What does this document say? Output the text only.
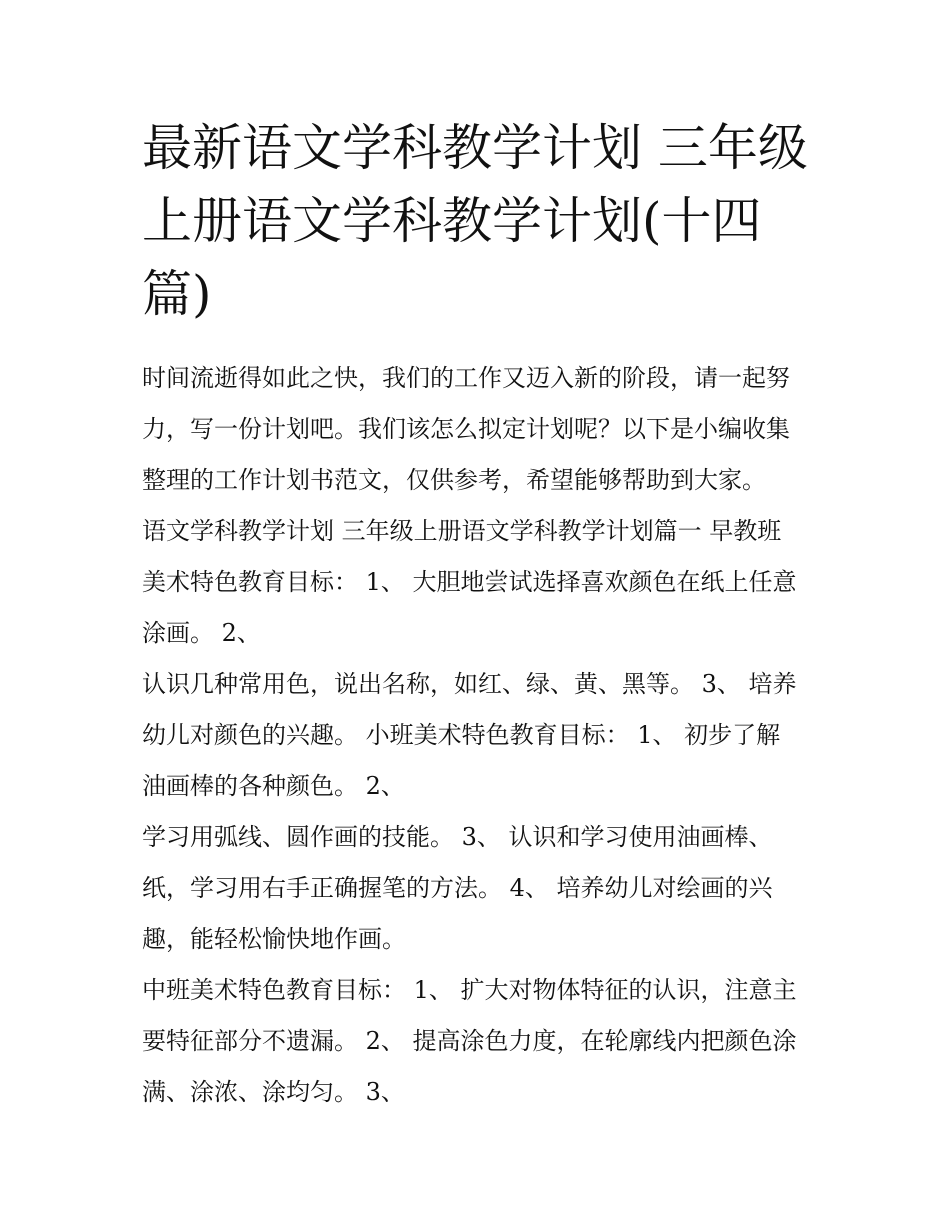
最新语文学科教学计划 三年级
上册语文学科教学计划(十四
篇)
时间流逝得如此之快，我们的工作又迈入新的阶段，请一起努
力，写一份计划吧。我们该怎么拟定计划呢？以下是小编收集
整理的工作计划书范文，仅供参考，希望能够帮助到大家。
语文学科教学计划 三年级上册语文学科教学计划篇一 早教班
美术特色教育目标： 1、 大胆地尝试选择喜欢颜色在纸上任意
涂画。 2、
认识几种常用色，说出名称，如红、绿、黄、黑等。 3、 培养
幼儿对颜色的兴趣。 小班美术特色教育目标： 1、 初步了解
油画棒的各种颜色。 2、
学习用弧线、圆作画的技能。 3、 认识和学习使用油画棒、
纸，学习用右手正确握笔的方法。 4、 培养幼儿对绘画的兴
趣，能轻松愉快地作画。
中班美术特色教育目标： 1、 扩大对物体特征的认识，注意主
要特征部分不遗漏。 2、 提高涂色力度，在轮廓线内把颜色涂
满、涂浓、涂均匀。 3、
